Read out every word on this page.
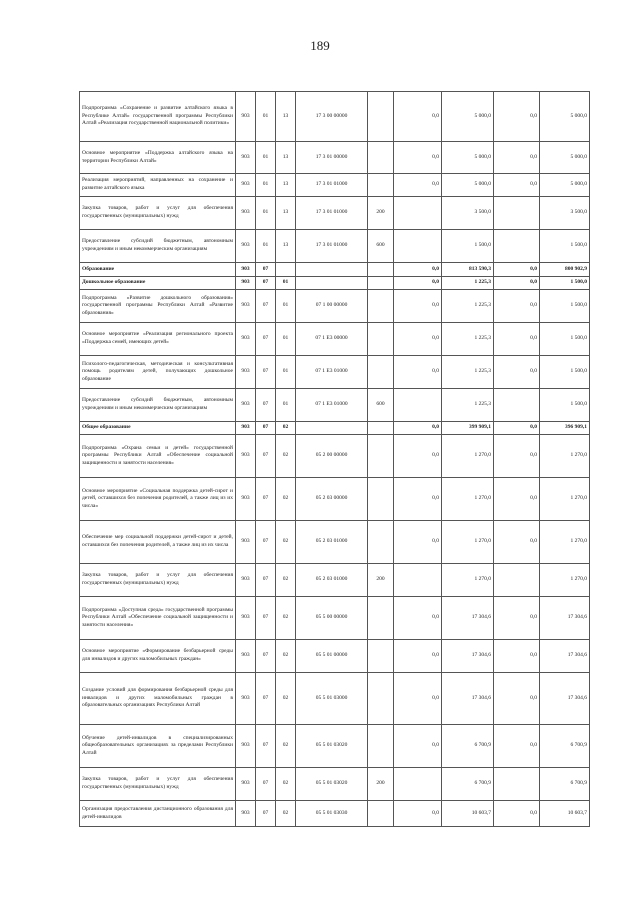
189
Подпрограмма «Сохранение и развитие алтайского языка в Республике Алтай» государственной программы Республики Алтай «Реализация государственной национальной политики»	903	01	13	17 3 00 00000		0,0	5 000,0	0,0	5 000,0
Основное мероприятие «Поддержка алтайского языка на территории Республики Алтай»	903	01	13	17 3 01 00000		0,0	5 000,0	0,0	5 000,0
Реализация мероприятий, направленных на сохранение и развитие алтайского языка	903	01	13	17 3 01 01000		0,0	5 000,0	0,0	5 000,0
Закупка товаров, работ и услуг для обеспечения государственных (муниципальных) нужд	903	01	13	17 3 01 01000	200		3 500,0		3 500,0
Предоставление субсидий бюджетным, автономным учреждениям и иным некоммерческим организациям	903	01	13	17 3 01 01000	600		1 500,0		1 500,0
Образование	903	07				0,0	813 590,3	0,0	800 902,9
Дошкольное образование	903	07	01			0,0	1 225,3	0,0	1 500,0
Подпрограмма «Развитие дошкольного образования» государственной программы Республики Алтай «Развитие образования»	903	07	01	07 1 00 00000		0,0	1 225,3	0,0	1 500,0
Основное мероприятие «Реализация регионального проекта «Поддержка семей, имеющих детей»	903	07	01	07 1 E3 00000		0,0	1 225,3	0,0	1 500,0
Психолого-педагогическая, методическая и консультативная помощь родителям детей, получающих дошкольное образование	903	07	01	07 1 E3 01000		0,0	1 225,3	0,0	1 500,0
Предоставление субсидий бюджетным, автономным учреждениям и иным некоммерческим организациям	903	07	01	07 1 E3 01000	600		1 225,3		1 500,0
Общее образование	903	07	02			0,0	399 909,1	0,0	396 909,1
Подпрограмма «Охрана семьи и детей» государственной программы Республики Алтай «Обеспечение социальной защищенности и занятости населения»	903	07	02	05 2 00 00000		0,0	1 270,0	0,0	1 270,0
Основное мероприятие «Социальная поддержка детей-сирот и детей, оставшихся без попечения родителей, а также лиц из их числа»	903	07	02	05 2 03 00000		0,0	1 270,0	0,0	1 270,0
Обеспечение мер социальной поддержки детей-сирот и детей, оставшихся без попечения родителей, а также лиц из их числа	903	07	02	05 2 03 01000		0,0	1 270,0	0,0	1 270,0
Закупка товаров, работ и услуг для обеспечения государственных (муниципальных) нужд	903	07	02	05 2 03 01000	200		1 270,0		1 270,0
Подпрограмма «Доступная среда» государственной программы Республики Алтай «Обеспечение социальной защищенности и занятости населения»	903	07	02	05 5 00 00000		0,0	17 304,6	0,0	17 304,6
Основное мероприятие «Формирование безбарьерной среды для инвалидов и других маломобильных граждан»	903	07	02	05 5 01 00000		0,0	17 304,6	0,0	17 304,6
Создание условий для формирования безбарьерной среды для инвалидов и других маломобильных граждан в образовательных организациях Республики Алтай	903	07	02	05 5 01 03000		0,0	17 304,6	0,0	17 304,6
Обучение детей-инвалидов в специализированных общеобразовательных организациях за пределами Республики Алтай	903	07	02	05 5 01 03020		0,0	6 700,9	0,0	6 700,9
Закупка товаров, работ и услуг для обеспечения государственных (муниципальных) нужд	903	07	02	05 5 01 03020	200		6 700,9		6 700,9
Организация предоставления дистанционного образования для детей-инвалидов	903	07	02	05 5 01 03030		0,0	10 603,7	0,0	10 603,7
